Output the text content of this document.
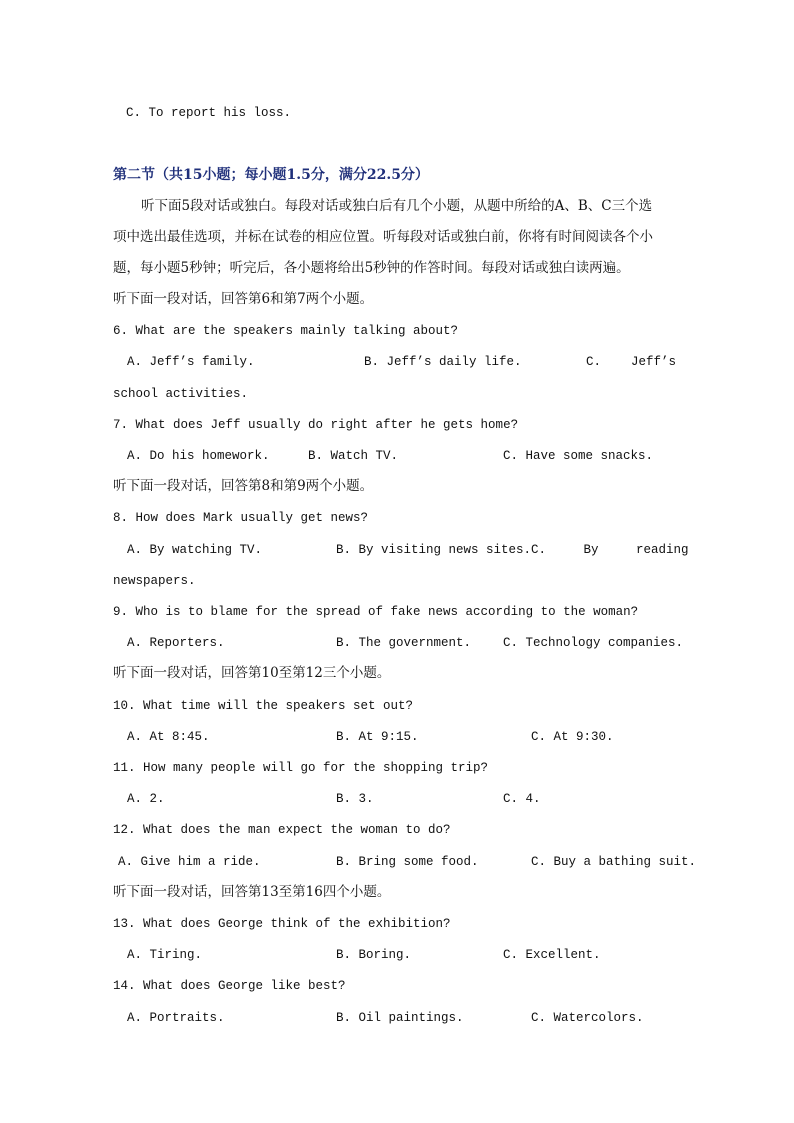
C. To report his loss.
第二节（共15小题；每小题1.5分，满分22.5分）
听下面5段对话或独白。每段对话或独白后有几个小题，从题中所给的A、B、C三个选
项中选出最佳选项，并标在试卷的相应位置。听每段对话或独白前，你将有时间阅读各个小
题，每小题5秒钟；听完后，各小题将给出5秒钟的作答时间。每段对话或独白读两遍。
听下面一段对话，回答第6和第7两个小题。
6. What are the speakers mainly talking about?
A. Jeff’s family.	B. Jeff’s daily life.	C.    Jeff’s
school activities.
7. What does Jeff usually do right after he gets home?
A. Do his homework.	B. Watch TV.	C. Have some snacks.
听下面一段对话，回答第8和第9两个小题。
8. How does Mark usually get news?
A. By watching TV.	B. By visiting news sites. C.     By     reading
newspapers.
9. Who is to blame for the spread of fake news according to the woman?
A. Reporters.	B. The government.	C. Technology companies.
听下面一段对话，回答第10至第12三个小题。
10. What time will the speakers set out?
A. At 8:45.	B. At 9:15.	C. At 9:30.
11. How many people will go for the shopping trip?
A. 2.	B. 3.	C. 4.
12. What does the man expect the woman to do?
A. Give him a ride.	B. Bring some food.	C. Buy a bathing suit.
听下面一段对话，回答第13至第16四个小题。
13. What does George think of the exhibition?
A. Tiring.	B. Boring.	C. Excellent.
14. What does George like best?
A. Portraits.	B. Oil paintings.	C. Watercolors.
